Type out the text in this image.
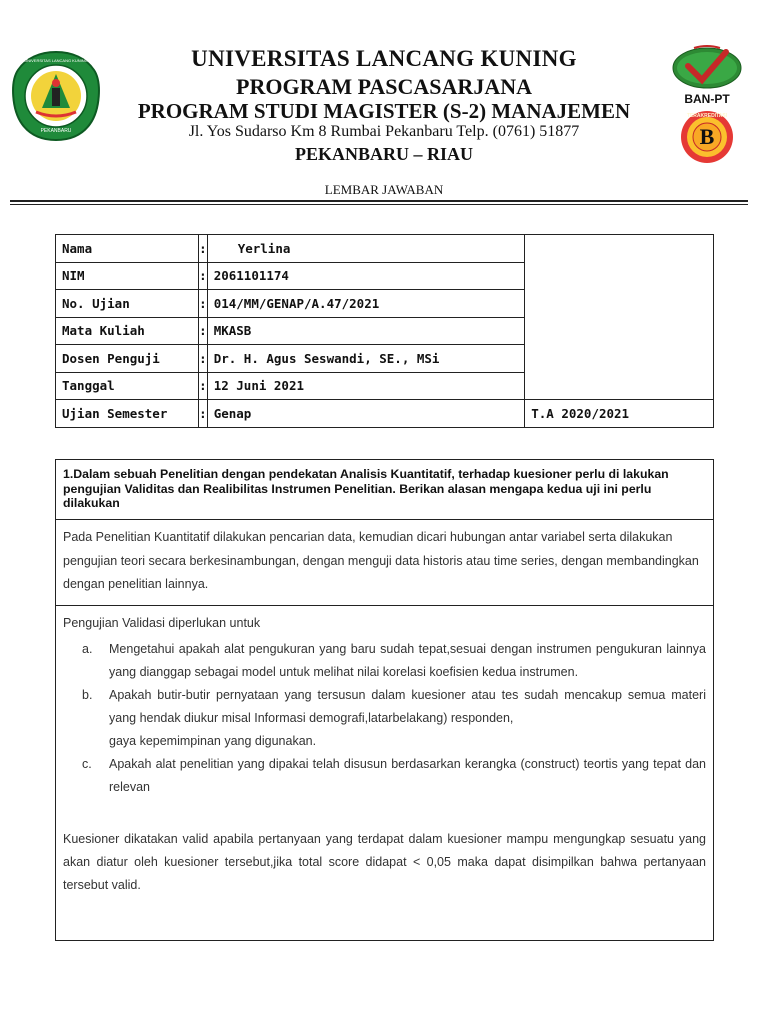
UNIVERSITAS LANCANG KUNING
PEKANBARU
BAN-PT
TERAKREDITASI
B
UNIVERSITAS LANCANG KUNING
PROGRAM PASCASARJANA
PROGRAM STUDI MAGISTER (S-2) MANAJEMEN
Jl. Yos Sudarso Km 8 Rumbai Pekanbaru Telp. (0761) 51877
PEKANBARU – RIAU
LEMBAR JAWABAN
Nama	:	Yerlina	
NIM	:	2061101174	
No. Ujian	:	014/MM/GENAP/A.47/2021	
Mata Kuliah	:	MKASB	
Dosen Penguji	:	Dr. H. Agus Seswandi, SE., MSi	
Tanggal	:	12 Juni 2021	
Ujian Semester	:	Genap	T.A 2020/2021
1.Dalam sebuah Penelitian dengan pendekatan Analisis Kuantitatif, terhadap kuesioner perlu di lakukan pengujian Validitas dan Realibilitas Instrumen Penelitian. Berikan alasan mengapa kedua uji ini perlu dilakukan
Pada Penelitian Kuantitatif dilakukan pencarian data, kemudian dicari hubungan antar variabel serta dilakukan pengujian teori secara berkesinambungan, dengan menguji data historis atau time series, dengan membandingkan dengan penelitian lainnya.
Pengujian Validasi diperlukan untuk
a. Mengetahui apakah alat pengukuran yang baru sudah tepat,sesuai dengan instrumen pengukuran lainnya yang dianggap sebagai model untuk melihat nilai korelasi koefisien kedua instrumen.
b. Apakah butir-butir pernyataan yang tersusun dalam kuesioner atau tes sudah mencakup semua materi yang hendak diukur misal Informasi demografi,latarbelakang) responden,
gaya kepemimpinan yang digunakan.
c. Apakah alat penelitian yang dipakai telah disusun berdasarkan kerangka (construct) teortis yang tepat dan relevan
Kuesioner dikatakan valid apabila pertanyaan yang terdapat dalam kuesioner mampu mengungkap sesuatu yang akan diatur oleh kuesioner tersebut,jika total score didapat < 0,05 maka dapat disimpilkan bahwa pertanyaan tersebut valid.
